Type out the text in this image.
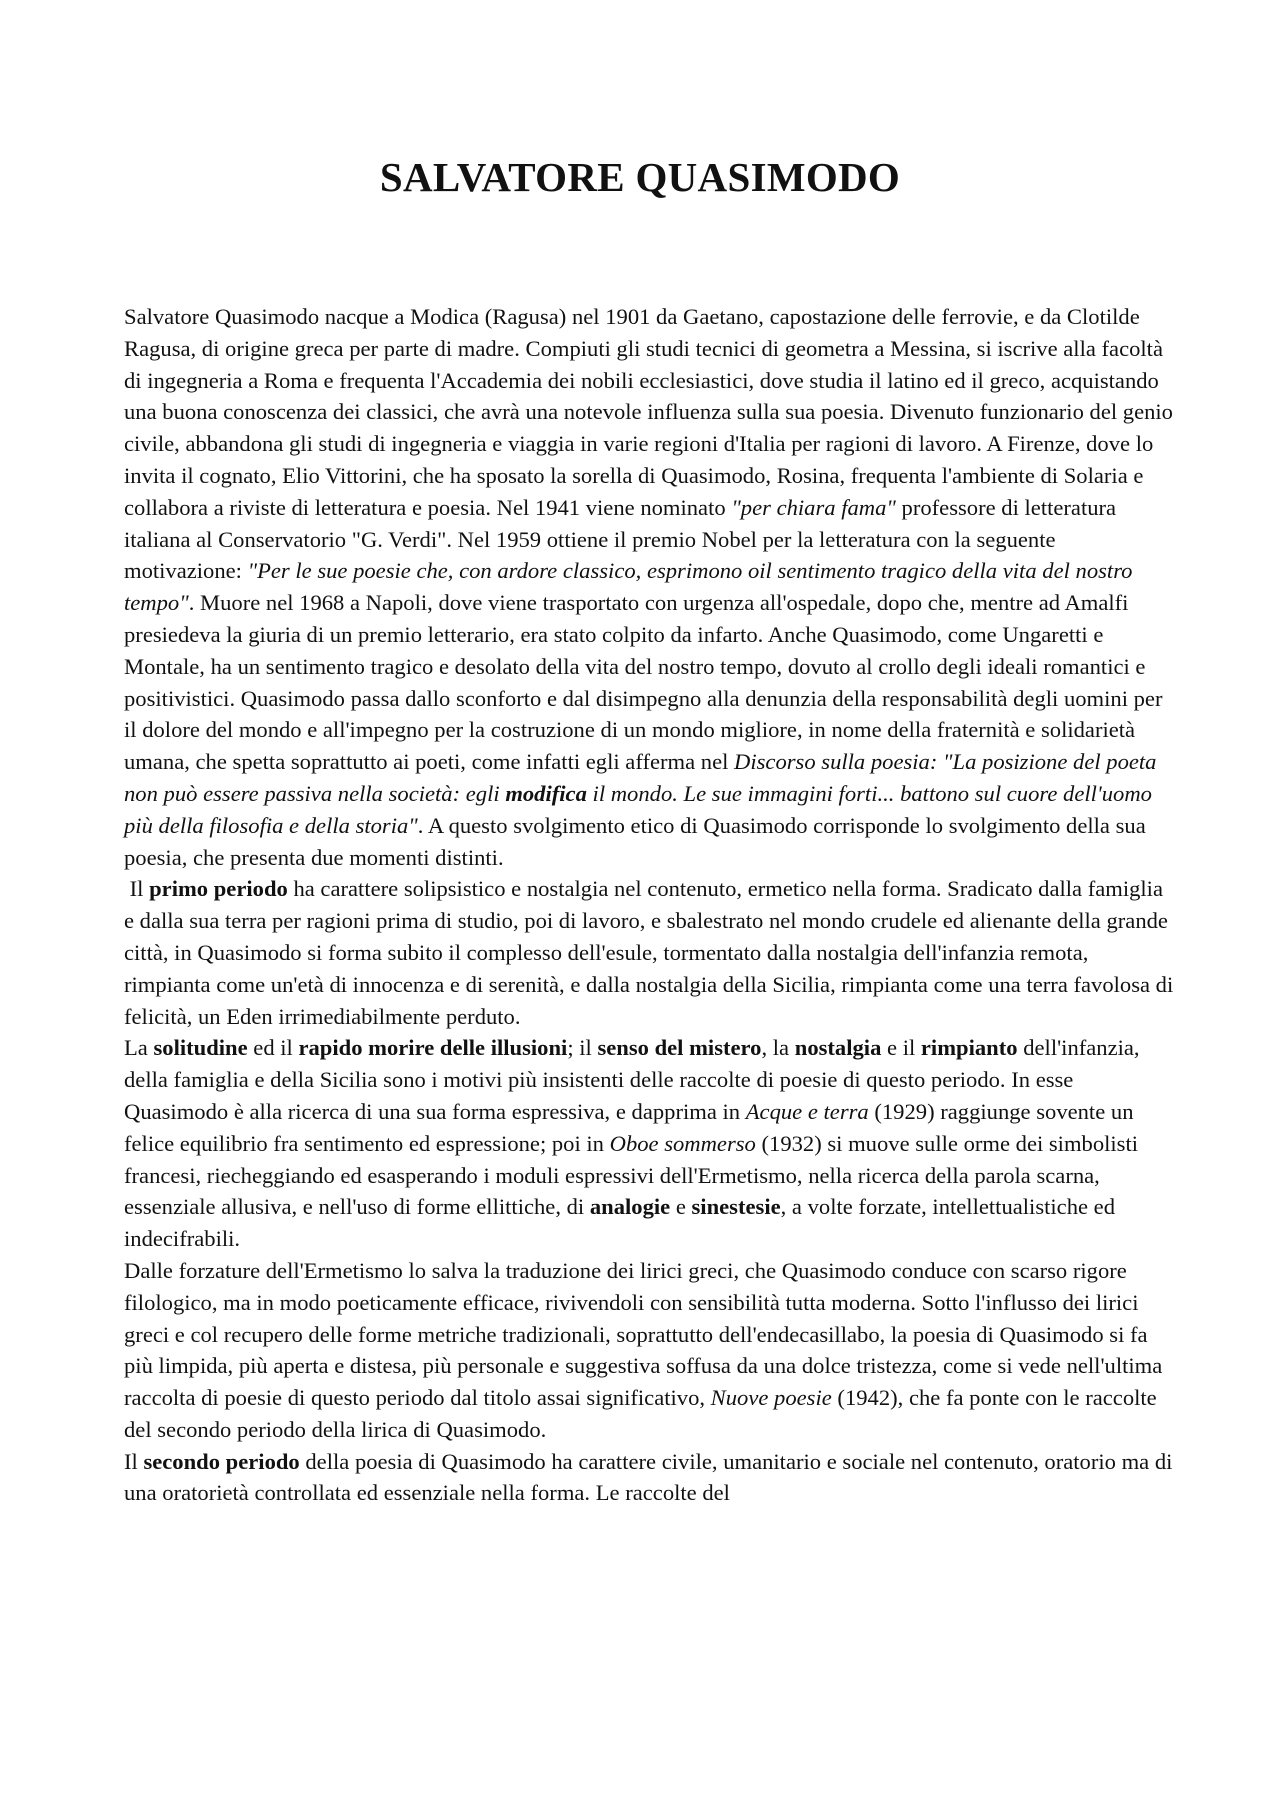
SALVATORE QUASIMODO

Salvatore Quasimodo nacque a Modica (Ragusa) nel 1901 da Gaetano, capostazione delle ferrovie, e da Clotilde Ragusa, di origine greca per parte di madre. Compiuti gli studi tecnici di geometra a Messina, si iscrive alla facoltà di ingegneria a Roma e frequenta l'Accademia dei nobili ecclesiastici, dove studia il latino ed il greco, acquistando una buona conoscenza dei classici, che avrà una notevole influenza sulla sua poesia. Divenuto funzionario del genio civile, abbandona gli studi di ingegneria e viaggia in varie regioni d'Italia per ragioni di lavoro. A Firenze, dove lo invita il cognato, Elio Vittorini, che ha sposato la sorella di Quasimodo, Rosina, frequenta l'ambiente di Solaria e collabora a riviste di letteratura e poesia. Nel 1941 viene nominato "per chiara fama" professore di letteratura italiana al Conservatorio "G. Verdi". Nel 1959 ottiene il premio Nobel per la letteratura con la seguente motivazione: "Per le sue poesie che, con ardore classico, esprimono oil sentimento tragico della vita del nostro tempo". Muore nel 1968 a Napoli, dove viene trasportato con urgenza all'ospedale, dopo che, mentre ad Amalfi presiedeva la giuria di un premio letterario, era stato colpito da infarto. Anche Quasimodo, come Ungaretti e Montale, ha un sentimento tragico e desolato della vita del nostro tempo, dovuto al crollo degli ideali romantici e positivistici. Quasimodo passa dallo sconforto e dal disimpegno alla denunzia della responsabilità degli uomini per il dolore del mondo e all'impegno per la costruzione di un mondo migliore, in nome della fraternità e solidarietà umana, che spetta soprattutto ai poeti, come infatti egli afferma nel Discorso sulla poesia: "La posizione del poeta non può essere passiva nella società: egli modifica il mondo. Le sue immagini forti... battono sul cuore dell'uomo più della filosofia e della storia". A questo svolgimento etico di Quasimodo corrisponde lo svolgimento della sua poesia, che presenta due momenti distinti.

Il primo periodo ha carattere solipsistico e nostalgia nel contenuto, ermetico nella forma. Sradicato dalla famiglia e dalla sua terra per ragioni prima di studio, poi di lavoro, e sbalestrato nel mondo crudele ed alienante della grande città, in Quasimodo si forma subito il complesso dell'esule, tormentato dalla nostalgia dell'infanzia remota, rimpianta come un'età di innocenza e di serenità, e dalla nostalgia della Sicilia, rimpianta come una terra favolosa di felicità, un Eden irrimediabilmente perduto.

La solitudine ed il rapido morire delle illusioni; il senso del mistero, la nostalgia e il rimpianto dell'infanzia, della famiglia e della Sicilia sono i motivi più insistenti delle raccolte di poesie di questo periodo. In esse Quasimodo è alla ricerca di una sua forma espressiva, e dapprima in Acque e terra (1929) raggiunge sovente un felice equilibrio fra sentimento ed espressione; poi in Oboe sommerso (1932) si muove sulle orme dei simbolisti francesi, riecheggiando ed esasperando i moduli espressivi dell'Ermetismo, nella ricerca della parola scarna, essenziale allusiva, e nell'uso di forme ellittiche, di analogie e sinestesie, a volte forzate, intellettualistiche ed indecifrabili.

Dalle forzature dell'Ermetismo lo salva la traduzione dei lirici greci, che Quasimodo conduce con scarso rigore filologico, ma in modo poeticamente efficace, rivivendoli con sensibilità tutta moderna. Sotto l'influsso dei lirici greci e col recupero delle forme metriche tradizionali, soprattutto dell'endecasillabo, la poesia di Quasimodo si fa più limpida, più aperta e distesa, più personale e suggestiva soffusa da una dolce tristezza, come si vede nell'ultima raccolta di poesie di questo periodo dal titolo assai significativo, Nuove poesie (1942), che fa ponte con le raccolte del secondo periodo della lirica di Quasimodo.

Il secondo periodo della poesia di Quasimodo ha carattere civile, umanitario e sociale nel contenuto, oratorio ma di una oratorietà controllata ed essenziale nella forma. Le raccolte del
